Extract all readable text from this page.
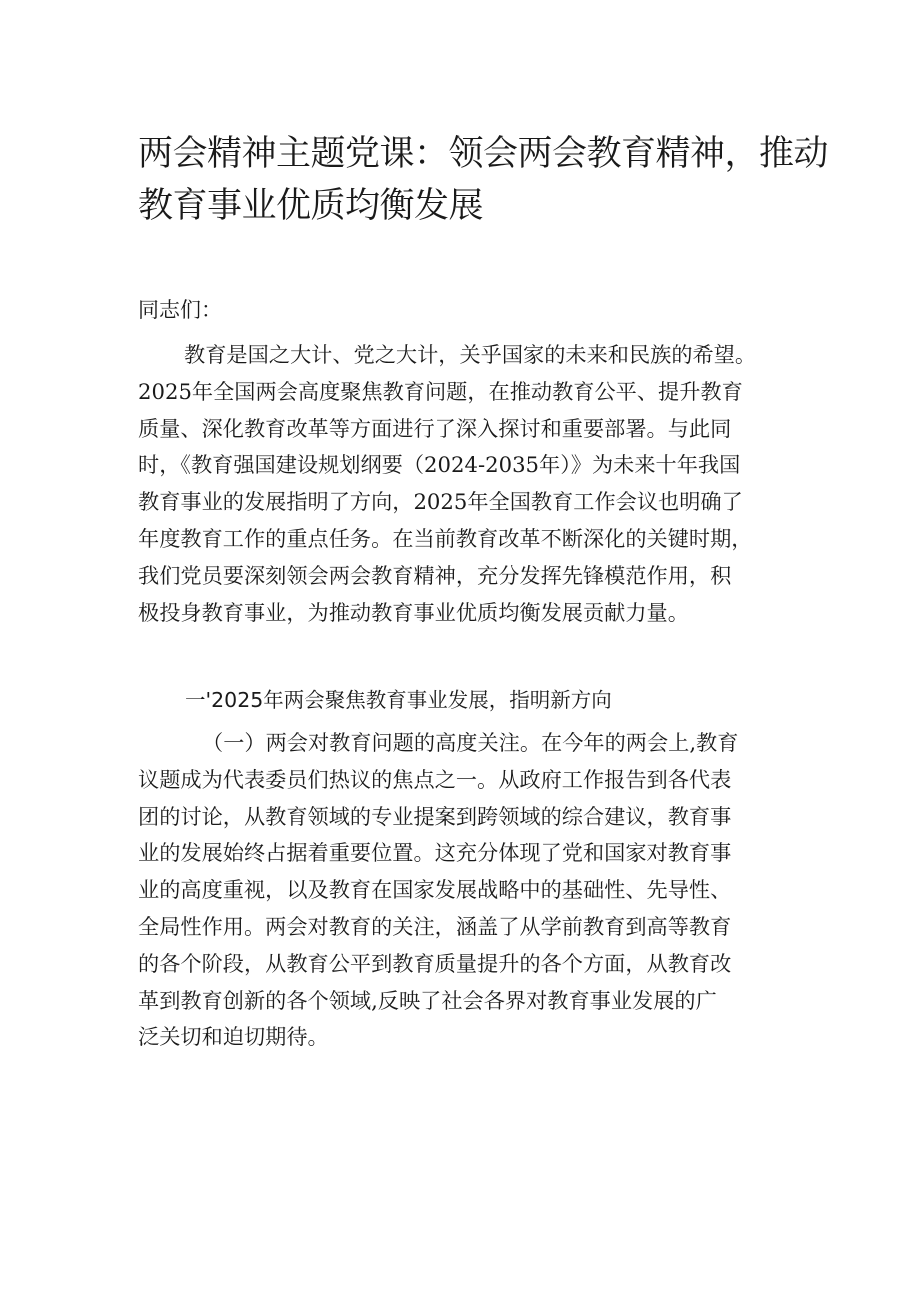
两会精神主题党课：领会两会教育精神，推动
教育事业优质均衡发展
同志们：

教育是国之大计、党之大计，关乎国家的未来和民族的希望。
2025年全国两会高度聚焦教育问题，在推动教育公平、提升教育
质量、深化教育改革等方面进行了深入探讨和重要部署。与此同
时，《教育强国建设规划纲要（2024-2035年）》为未来十年我国
教育事业的发展指明了方向，2025年全国教育工作会议也明确了
年度教育工作的重点任务。在当前教育改革不断深化的关键时期，
我们党员要深刻领会两会教育精神，充分发挥先锋模范作用，积
极投身教育事业，为推动教育事业优质均衡发展贡献力量。

一'2025年两会聚焦教育事业发展，指明新方向

（一）两会对教育问题的高度关注。在今年的两会上,教育
议题成为代表委员们热议的焦点之一。从政府工作报告到各代表
团的讨论，从教育领域的专业提案到跨领域的综合建议，教育事
业的发展始终占据着重要位置。这充分体现了党和国家对教育事
业的高度重视，以及教育在国家发展战略中的基础性、先导性、
全局性作用。两会对教育的关注，涵盖了从学前教育到高等教育
的各个阶段，从教育公平到教育质量提升的各个方面，从教育改
革到教育创新的各个领域,反映了社会各界对教育事业发展的广
泛关切和迫切期待。
